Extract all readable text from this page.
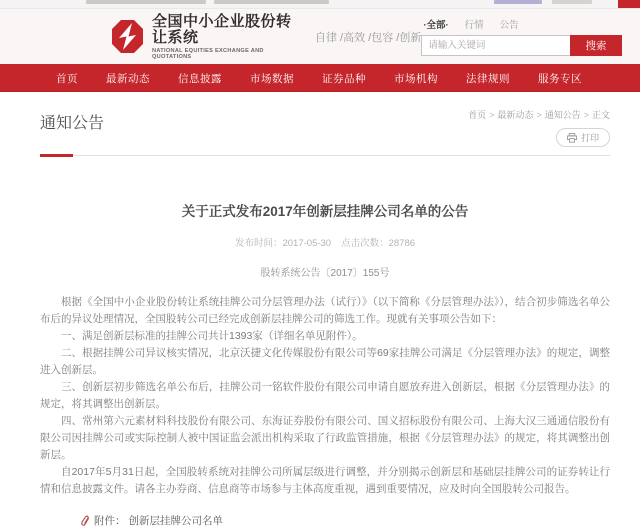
全国中小企业股份转让系统
NATIONAL EQUITIES EXCHANGE AND QUOTATIONS
自律 /高效 /包容 /创新
·全部· 行情 公告
请输入关键词
搜索
首页	最新动态	信息披露	市场数据	证券品种	市场机构	法律规则	服务专区
通知公告	首页 > 最新动态 > 通知公告 > 正文
打印
关于正式发布2017年创新层挂牌公司名单的公告
发布时间：2017-05-30 点击次数：28786
股转系统公告〔2017〕155号

根据《全国中小企业股份转让系统挂牌公司分层管理办法（试行）》（以下简称《分层管理办法》），结合初步筛选名单公布后的异议处理情况，全国股转公司已经完成创新层挂牌公司的筛选工作。现就有关事项公告如下：

一、满足创新层标准的挂牌公司共计1393家（详细名单见附件）。

二、根据挂牌公司异议核实情况，北京沃捷文化传媒股份有限公司等69家挂牌公司满足《分层管理办法》的规定，调整进入创新层。

三、创新层初步筛选名单公布后，挂牌公司一铭软件股份有限公司申请自愿放弃进入创新层，根据《分层管理办法》的规定，将其调整出创新层。

四、常州第六元素材料科技股份有限公司、东海证券股份有限公司、国义招标股份有限公司、上海大汉三通通信股份有限公司因挂牌公司或实际控制人被中国证监会派出机构采取了行政监管措施，根据《分层管理办法》的规定，将其调整出创新层。

自2017年5月31日起，全国股转系统对挂牌公司所属层级进行调整，并分别揭示创新层和基础层挂牌公司的证券转让行情和信息披露文件。请各主办券商、信息商等市场参与主体高度重视，遇到重要情况，应及时向全国股转公司报告。

附件： 创新层挂牌公司名单
